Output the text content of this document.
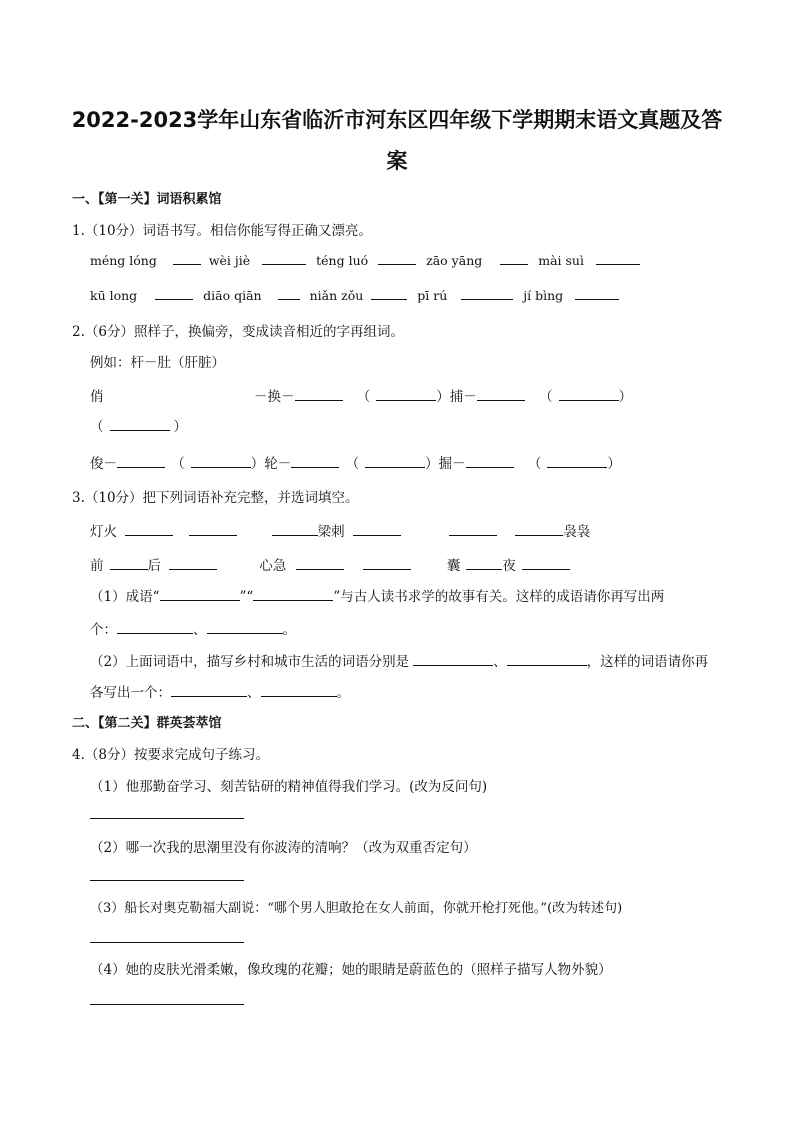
2022-2023学年山东省临沂市河东区四年级下学期期末语文真题及答
案
一、【第一关】词语积累馆
1.（10分）词语书写。相信你能写得正确又漂亮。
méng lóng	wèi jiè	téng luó	zāo yāng	mài suì
kū long	diāo qiān	niǎn zǒu	pī rú	jí bìng
2.（6分）照样子，换偏旁，变成读音相近的字再组词。
例如：杆－肚（肝脏）
俏	－换－	（	）捕－	（	）
（	）
俊－	（	）轮－	（	）掘－	（	）
3.（10分）把下列词语补充完整，并选词填空。
灯火	梁刺	袅袅
前	后	心急	囊	夜
（1）成语“	”“	”与古人读书求学的故事有关。这样的成语请你再写出两
个：	、	。
（2）上面词语中，描写乡村和城市生活的词语分别是	、	，这样的词语请你再
各写出一个：	、	。
二、【第二关】群英荟萃馆
4.（8分）按要求完成句子练习。
（1）他那勤奋学习、刻苦钻研的精神值得我们学习。(改为反问句)
（2）哪一次我的思潮里没有你波涛的清响？（改为双重否定句）
（3）船长对奥克勒福大副说：“哪个男人胆敢抢在女人前面，你就开枪打死他。”(改为转述句)
（4）她的皮肤光滑柔嫩，像玫瑰的花瓣；她的眼睛是蔚蓝色的（照样子描写人物外貌）
